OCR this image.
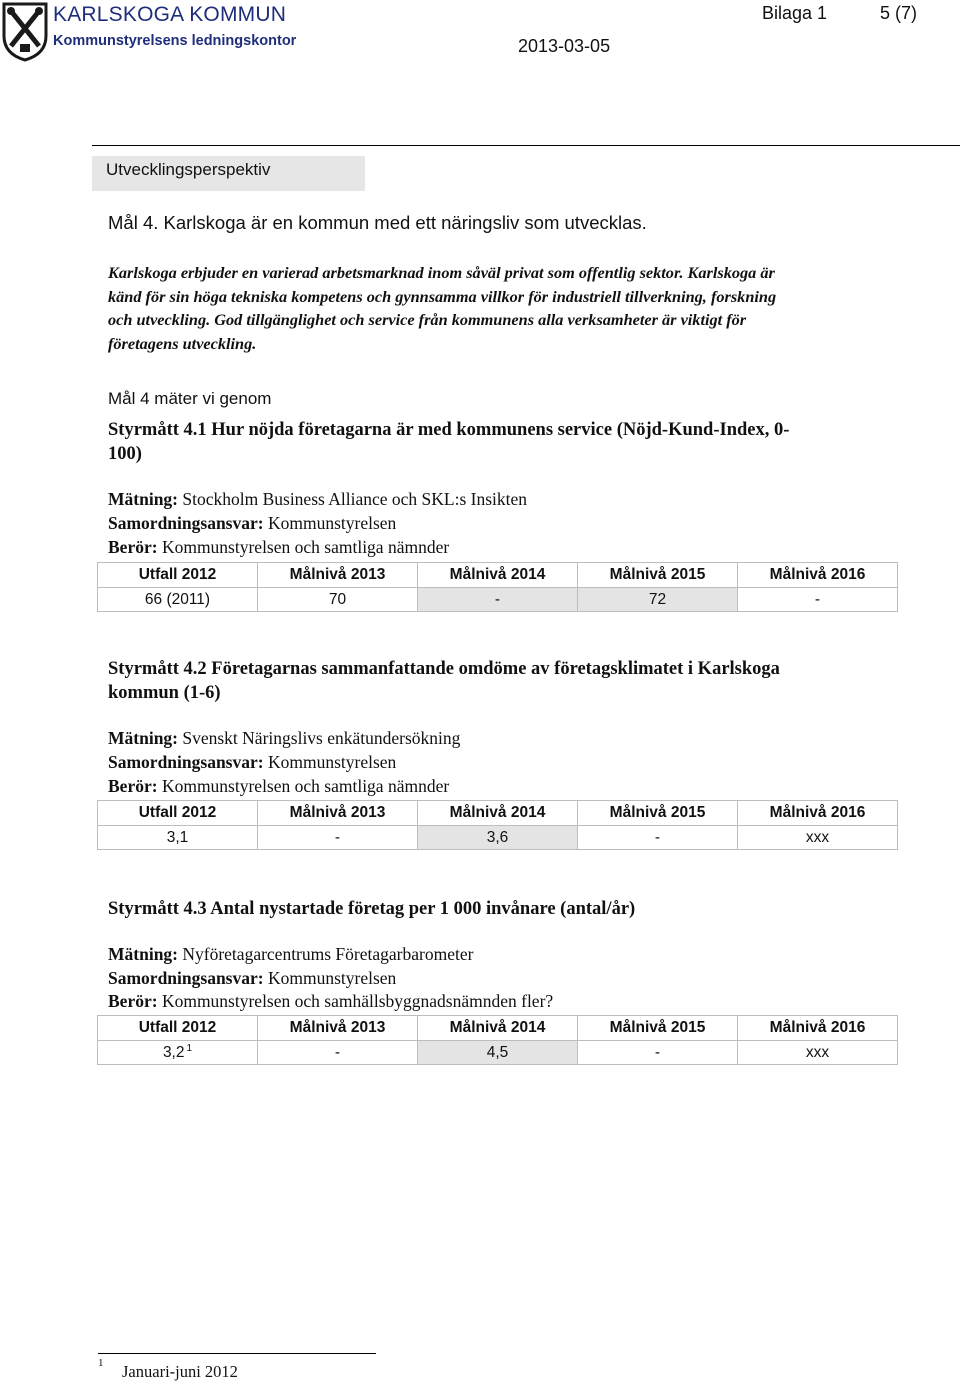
KARLSKOGA KOMMUN
Kommunstyrelsens ledningskontor
Bilaga 1	5 (7)
2013-03-05
Utvecklingsperspektiv
Mål 4. Karlskoga är en kommun med ett näringsliv som utvecklas.

Karlskoga erbjuder en varierad arbetsmarknad inom såväl privat som offentlig sektor. Karlskoga är

känd för sin höga tekniska kompetens och gynnsamma villkor för industriell tillverkning, forskning

och utveckling. God tillgänglighet och service från kommunens alla verksamheter är viktigt för

företagens utveckling.

Mål 4 mäter vi genom
Styrmått 4.1 Hur nöjda företagarna är med kommunens service (Nöjd-Kund-Index, 0-
100)
Mätning: Stockholm Business Alliance och SKL:s Insikten
Samordningsansvar: Kommunstyrelsen
Berör: Kommunstyrelsen och samtliga nämnder
Utfall 2012	Målnivå 2013	Målnivå 2014	Målnivå 2015	Målnivå 2016
66 (2011)	70	-	72	-
Styrmått 4.2 Företagarnas sammanfattande omdöme av företagsklimatet i Karlskoga
kommun (1-6)
Mätning: Svenskt Näringslivs enkätundersökning
Samordningsansvar: Kommunstyrelsen
Berör: Kommunstyrelsen och samtliga nämnder
Utfall 2012	Målnivå 2013	Målnivå 2014	Målnivå 2015	Målnivå 2016
3,1	-	3,6	-	xxx
Styrmått 4.3 Antal nystartade företag per 1 000 invånare (antal/år)
Mätning: Nyföretagarcentrums Företagarbarometer
Samordningsansvar: Kommunstyrelsen
Berör: Kommunstyrelsen och samhällsbyggnadsnämnden fler?
Utfall 2012	Målnivå 2013	Målnivå 2014	Målnivå 2015	Målnivå 2016
3,2 $^1$	-	4,5	-	xxx
1 Januari-juni 2012
